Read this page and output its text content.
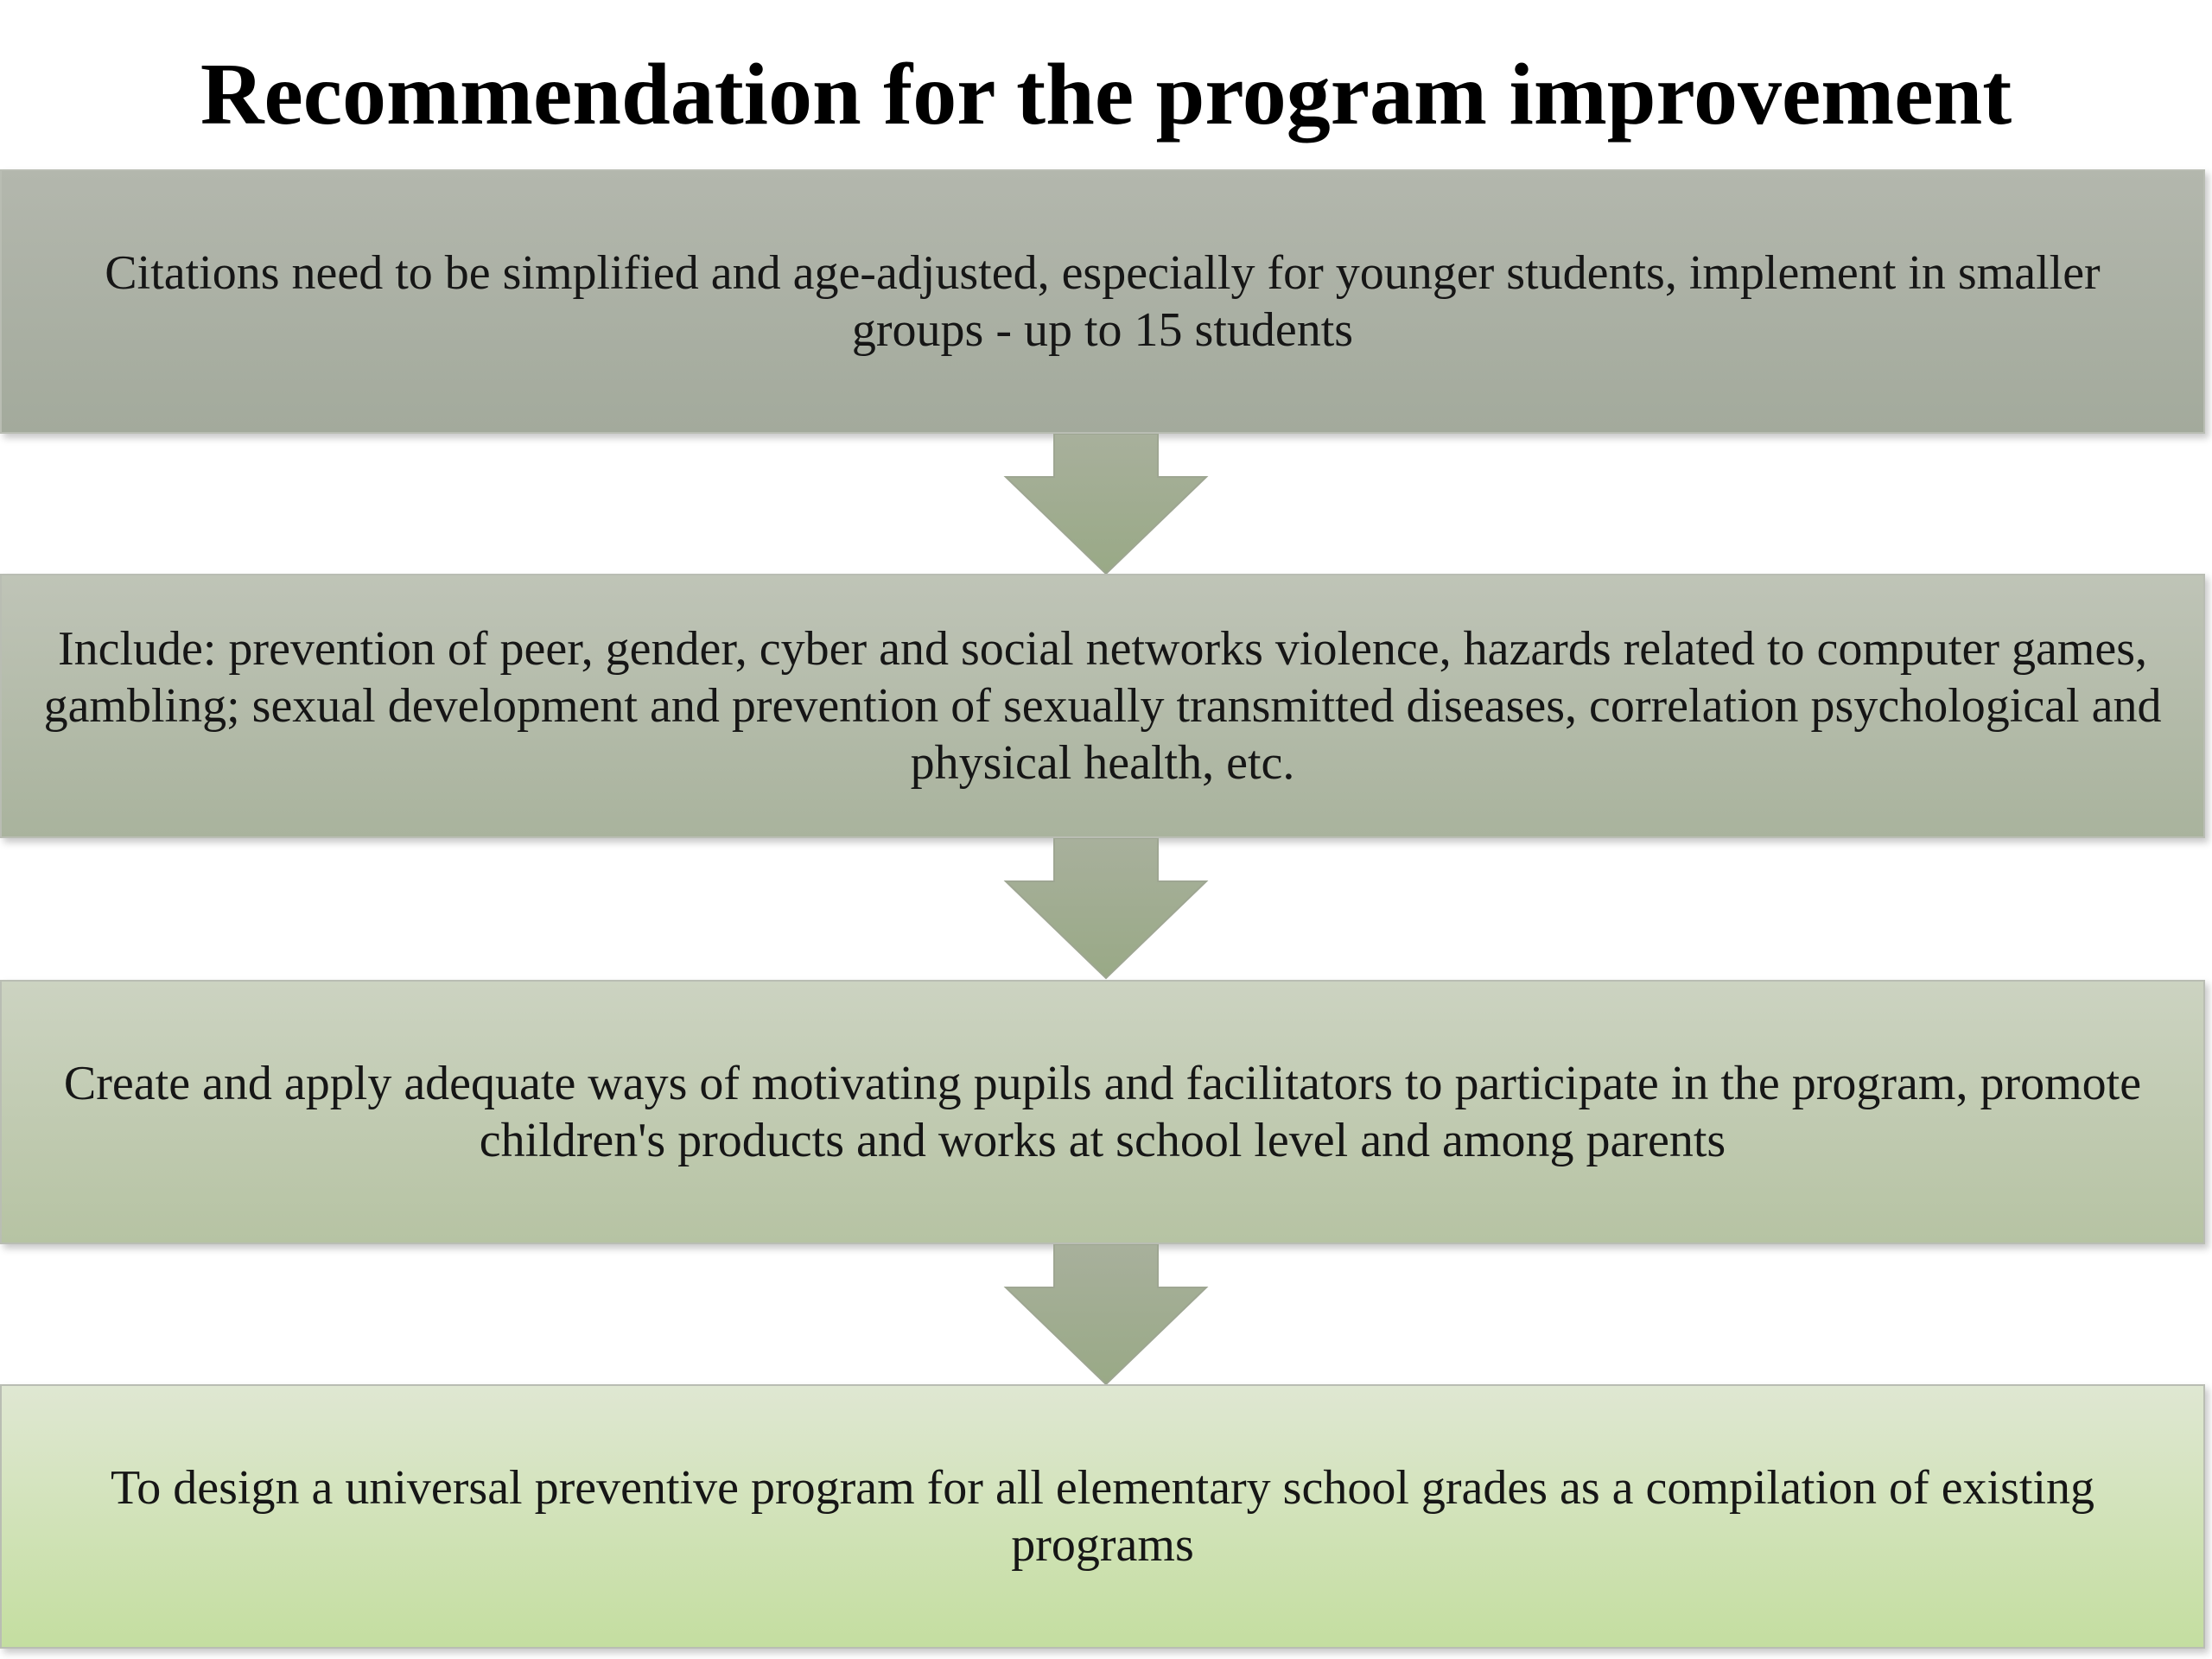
Recommendation for the program improvement
Citations need to be simplified and age-adjusted, especially for younger students, implement in smaller groups - up to 15 students
Include: prevention of peer, gender, cyber and social networks violence, hazards related to computer games, gambling; sexual development and prevention of sexually transmitted diseases, correlation psychological and physical health, etc.
Create and apply adequate ways of motivating pupils and facilitators to participate in the program, promote children's products and works at school level and among parents
To design a universal preventive program for all elementary school grades as a compilation of existing programs
